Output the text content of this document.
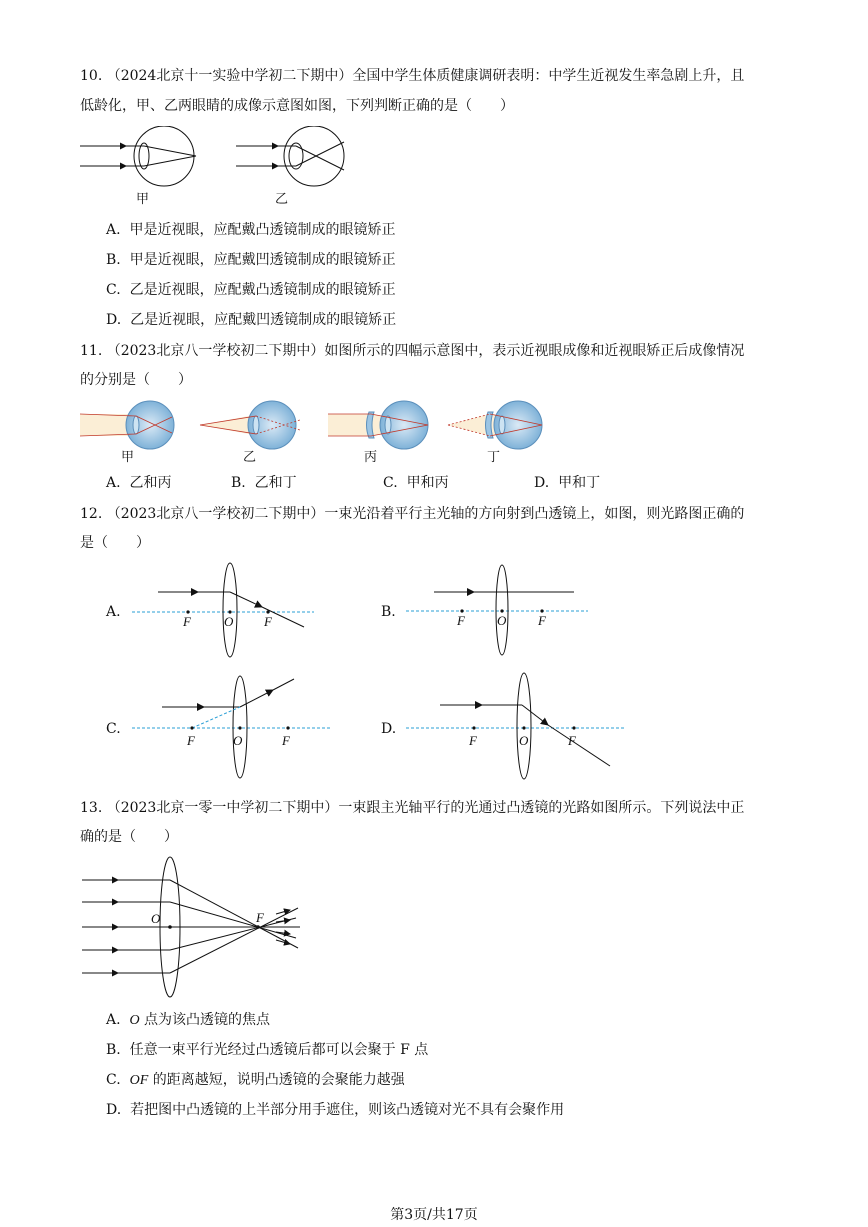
10. （2024北京十一实验中学初二下期中）全国中学生体质健康调研表明：中学生近视发生率急剧上升，且
低龄化，甲、乙两眼睛的成像示意图如图，下列判断正确的是（　　）
甲	乙
A. 甲是近视眼，应配戴凸透镜制成的眼镜矫正
B. 甲是近视眼，应配戴凹透镜制成的眼镜矫正
C. 乙是近视眼，应配戴凸透镜制成的眼镜矫正
D. 乙是近视眼，应配戴凹透镜制成的眼镜矫正
11. （2023北京八一学校初二下期中）如图所示的四幅示意图中，表示近视眼成像和近视眼矫正后成像情况
的分别是（　　）
甲	乙	丙	丁
A. 乙和丙	B. 乙和丁	C. 甲和丙	D. 甲和丁
12. （2023北京八一学校初二下期中）一束光沿着平行主光轴的方向射到凸透镜上，如图，则光路图正确的
是（　　）
A.
F	O F
B.
F O F
C.
F	O	F
D.
F	O	F
13. （2023北京一零一中学初二下期中）一束跟主光轴平行的光通过凸透镜的光路如图所示。下列说法中正
确的是（　　）
O	F
A. O 点为该凸透镜的焦点
B. 任意一束平行光经过凸透镜后都可以会聚于 F 点
C. OF 的距离越短，说明凸透镜的会聚能力越强
D. 若把图中凸透镜的上半部分用手遮住，则该凸透镜对光不具有会聚作用
第3页/共17页
